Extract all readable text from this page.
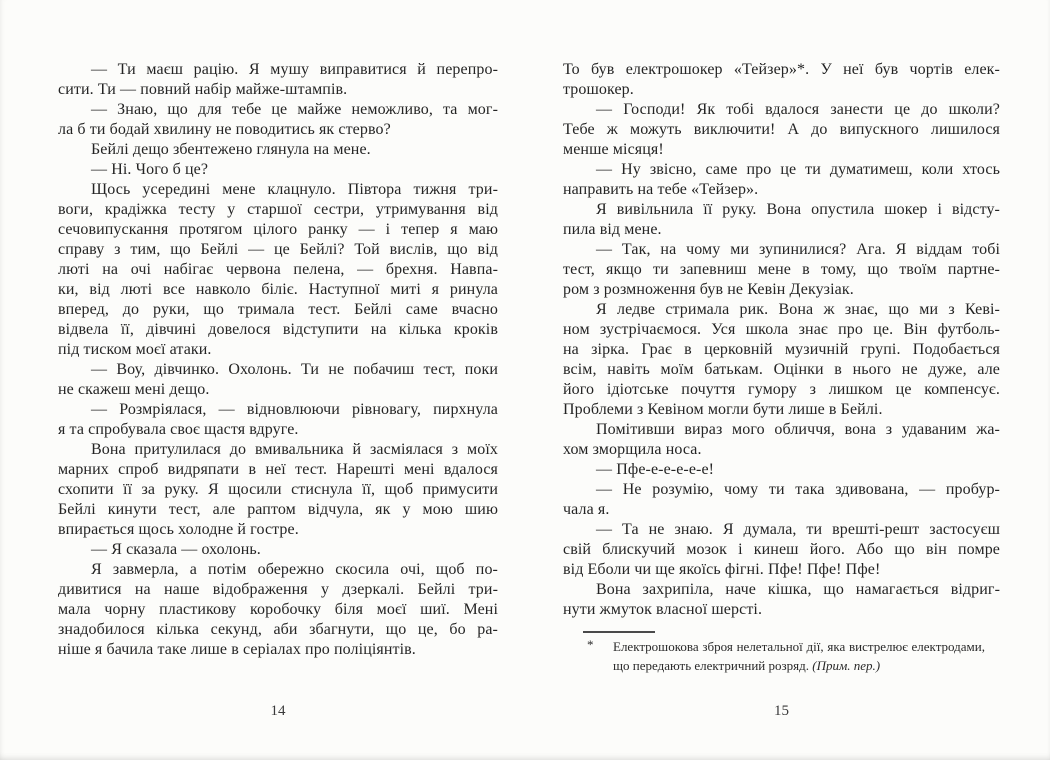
— Ти маєш рацію. Я мушу виправитися й перепро-
сити. Ти — повний набір майже-штампів.
— Знаю, що для тебе це майже неможливо, та мог-
ла б ти бодай хвилину не поводитись як стерво?
Бейлі дещо збентежено глянула на мене.
— Ні. Чого б це?
Щось усередині мене клацнуло. Півтора тижня три-
воги, крадіжка тесту у старшої сестри, утримування від
сечовипускання протягом цілого ранку — і тепер я маю
справу з тим, що Бейлі — це Бейлі? Той вислів, що від
люті на очі набігає червона пелена, — брехня. Навпа-
ки, від люті все навколо біліє. Наступної миті я ринула
вперед, до руки, що тримала тест. Бейлі саме вчасно
відвела її, дівчині довелося відступити на кілька кроків
під тиском моєї атаки.
— Воу, дівчинко. Охолонь. Ти не побачиш тест, поки
не скажеш мені дещо.
— Розмріялася, — відновлюючи рівновагу, пирхнула
я та спробувала своє щастя вдруге.
Вона притулилася до вмивальника й засміялася з моїх
марних спроб видряпати в неї тест. Нарешті мені вдалося
схопити її за руку. Я щосили стиснула її, щоб примусити
Бейлі кинути тест, але раптом відчула, як у мою шию
впирається щось холодне й гостре.
— Я сказала — охолонь.
Я завмерла, а потім обережно скосила очі, щоб по-
дивитися на наше відображення у дзеркалі. Бейлі три-
мала чорну пластикову коробочку біля моєї шиї. Мені
знадобилося кілька секунд, аби збагнути, що це, бо ра-
ніше я бачила таке лише в серіалах про поліціянтів.
14
То був електрошокер «Тейзер»*. У неї був чортів елек-
трошокер.
— Господи! Як тобі вдалося занести це до школи?
Тебе ж можуть виключити! А до випускного лишилося
менше місяця!
— Ну звісно, саме про це ти думатимеш, коли хтось
направить на тебе «Тейзер».
Я вивільнила її руку. Вона опустила шокер і відсту-
пила від мене.
— Так, на чому ми зупинилися? Ага. Я віддам тобі
тест, якщо ти запевниш мене в тому, що твоїм партне-
ром з розмноження був не Кевін Декузіак.
Я ледве стримала рик. Вона ж знає, що ми з Кеві-
ном зустрічаємося. Уся школа знає про це. Він футболь-
на зірка. Грає в церковній музичній групі. Подобається
всім, навіть моїм батькам. Оцінки в нього не дуже, але
його ідіотське почуття гумору з лишком це компенсує.
Проблеми з Кевіном могли бути лише в Бейлі.
Помітивши вираз мого обличчя, вона з удаваним жа-
хом зморщила носа.
— Пфе-е-е-е-е-е!
— Не розумію, чому ти така здивована, — пробур-
чала я.
— Та не знаю. Я думала, ти врешті-решт застосуєш
свій блискучий мозок і кинеш його. Або що він помре
від Еболи чи ще якоїсь фігні. Пфе! Пфе! Пфе!
Вона захрипіла, наче кішка, що намагається відриг-
нути жмуток власної шерсті.
* Електрошокова зброя нелетальної дії, яка вистрелює електродами,
що передають електричний розряд. (Прим. пер.)
15
